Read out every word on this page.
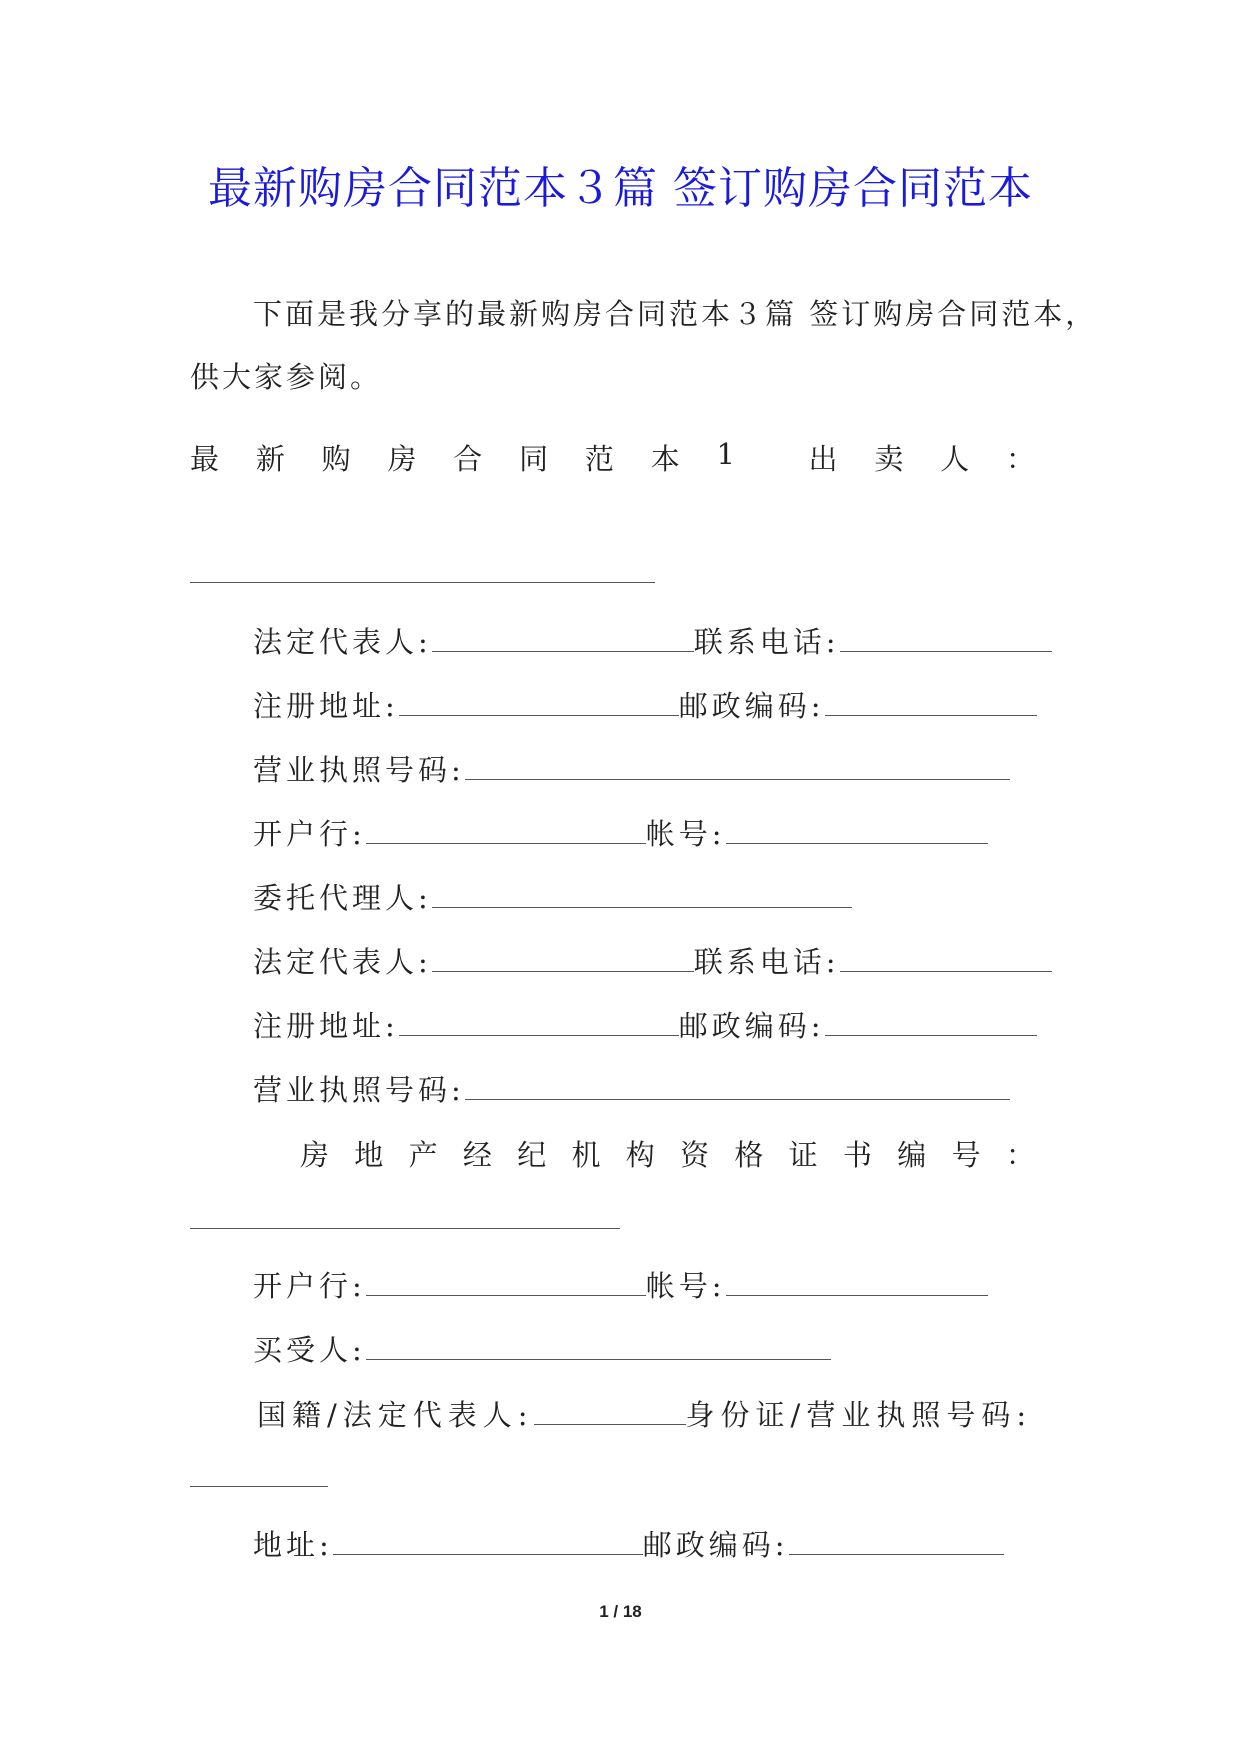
最新购房合同范本３篇 签订购房合同范本
下面是我分享的最新购房合同范本３篇 签订购房合同范本，
供大家参阅。
最 新 购 房 合 同 范 本 1	出 卖 人 ：
法定代表人:	联系电话:
注册地址:	邮政编码:
营业执照号码:
开户行:	帐号:
委托代理人:
法定代表人:	联系电话:
注册地址:	邮政编码:
营业执照号码:
房 地 产 经 纪 机 构 资 格 证 书 编 号 ：
开户行:	帐号:
买受人:
国籍/法定代表人:	身份证/营业执照号码:
地址:	邮政编码:
1 / 18
